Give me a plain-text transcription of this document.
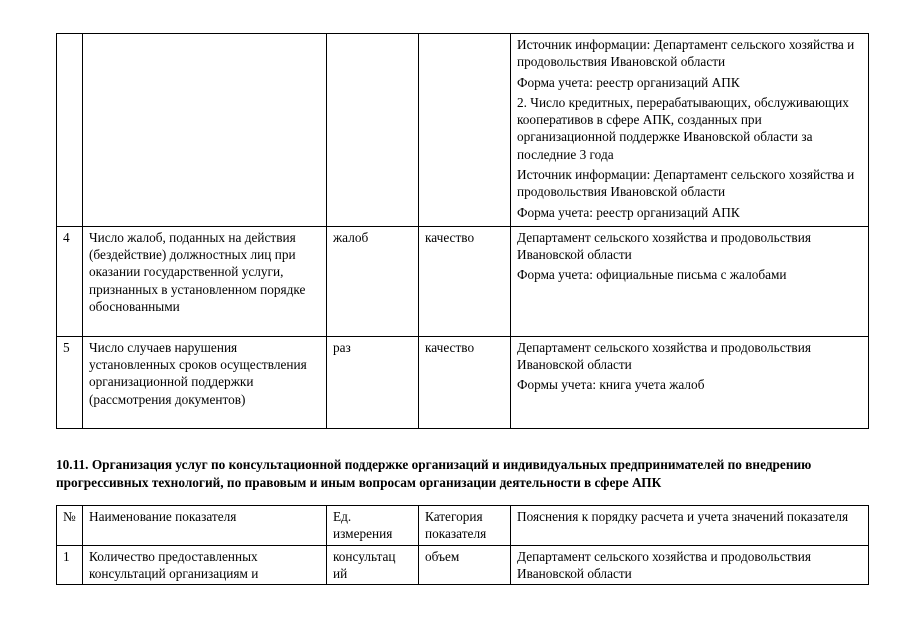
				Источник информации: Департамент сельского хозяйства и продовольствия Ивановской области
Форма учета: реестр организаций АПК
2. Число кредитных, перерабатывающих, обслуживающих кооперативов в сфере АПК, созданных при организационной поддержке Ивановской области за последние 3 года
Источник информации: Департамент сельского хозяйства и продовольствия Ивановской области
Форма учета: реестр организаций АПК

4	Число жалоб, поданных на действия (бездействие) должностных лиц при оказании государственной услуги, признанных в установленном порядке обоснованными	жалоб	качество	Департамент сельского хозяйства и продовольствия Ивановской области
Форма учета: официальные письма с жалобами

5	Число случаев нарушения установленных сроков осуществления организационной поддержки (рассмотрения документов)	раз	качество	Департамент сельского хозяйства и продовольствия Ивановской области
Формы учета: книга учета жалоб
10.11. Организация услуг по консультационной поддержке организаций и индивидуальных предпринимателей по внедрению прогрессивных технологий, по правовым и иным вопросам организации деятельности в сфере АПК
№	Наименование показателя	Ед. измерения	Категория показателя	Пояснения к порядку расчета и учета значений показателя
1	Количество предоставленных консультаций организациям и	консультац ий	объем	Департамент сельского хозяйства и продовольствия Ивановской области
